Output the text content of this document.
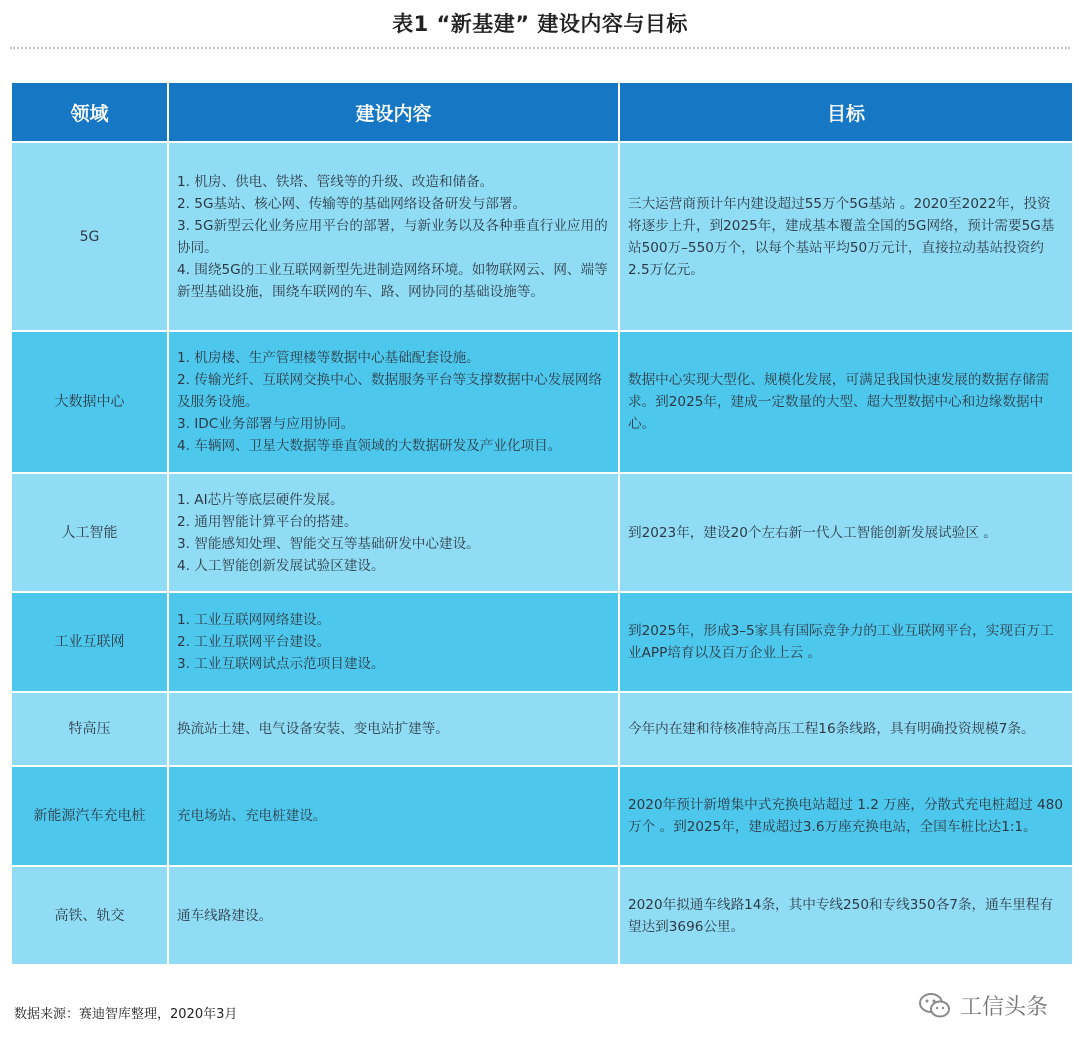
表1 “新基建” 建设内容与目标
领域	建设内容	目标
5G	1. 机房、供电、铁塔、管线等的升级、改造和储备。
2. 5G基站、核心网、传输等的基础网络设备研发与部署。
3. 5G新型云化业务应用平台的部署，与新业务以及各种垂直行业应用的协同。
4. 围绕5G的工业互联网新型先进制造网络环境。如物联网云、网、端等新型基础设施，围绕车联网的车、路、网协同的基础设施等。	三大运营商预计年内建设超过55万个5G基站 。2020至2022年，投资将逐步上升，到2025年，建成基本覆盖全国的5G网络，预计需要5G基站500万–550万个，以每个基站平均50万元计，直接拉动基站投资约2.5万亿元。
大数据中心	1. 机房楼、生产管理楼等数据中心基础配套设施。
2. 传输光纤、互联网交换中心、数据服务平台等支撑数据中心发展网络及服务设施。
3. IDC业务部署与应用协同。
4. 车辆网、卫星大数据等垂直领域的大数据研发及产业化项目。	数据中心实现大型化、规模化发展，可满足我国快速发展的数据存储需求。到2025年，建成一定数量的大型、超大型数据中心和边缘数据中心。
人工智能	1. AI芯片等底层硬件发展。
2. 通用智能计算平台的搭建。
3. 智能感知处理、智能交互等基础研发中心建设。
4. 人工智能创新发展试验区建设。	到2023年，建设20个左右新一代人工智能创新发展试验区 。
工业互联网	1. 工业互联网网络建设。
2. 工业互联网平台建设。
3. 工业互联网试点示范项目建设。	到2025年，形成3–5家具有国际竞争力的工业互联网平台，实现百万工业APP培育以及百万企业上云 。
特高压	换流站土建、电气设备安装、变电站扩建等。	今年内在建和待核准特高压工程16条线路，具有明确投资规模7条。
新能源汽车充电桩	充电场站、充电桩建设。	2020年预计新增集中式充换电站超过 1.2 万座，分散式充电桩超过 480 万个 。到2025年，建成超过3.6万座充换电站，全国车桩比达1:1。
高铁、轨交	通车线路建设。	2020年拟通车线路14条，其中专线250和专线350各7条，通车里程有望达到3696公里。
数据来源：赛迪智库整理，2020年3月	工信头条
